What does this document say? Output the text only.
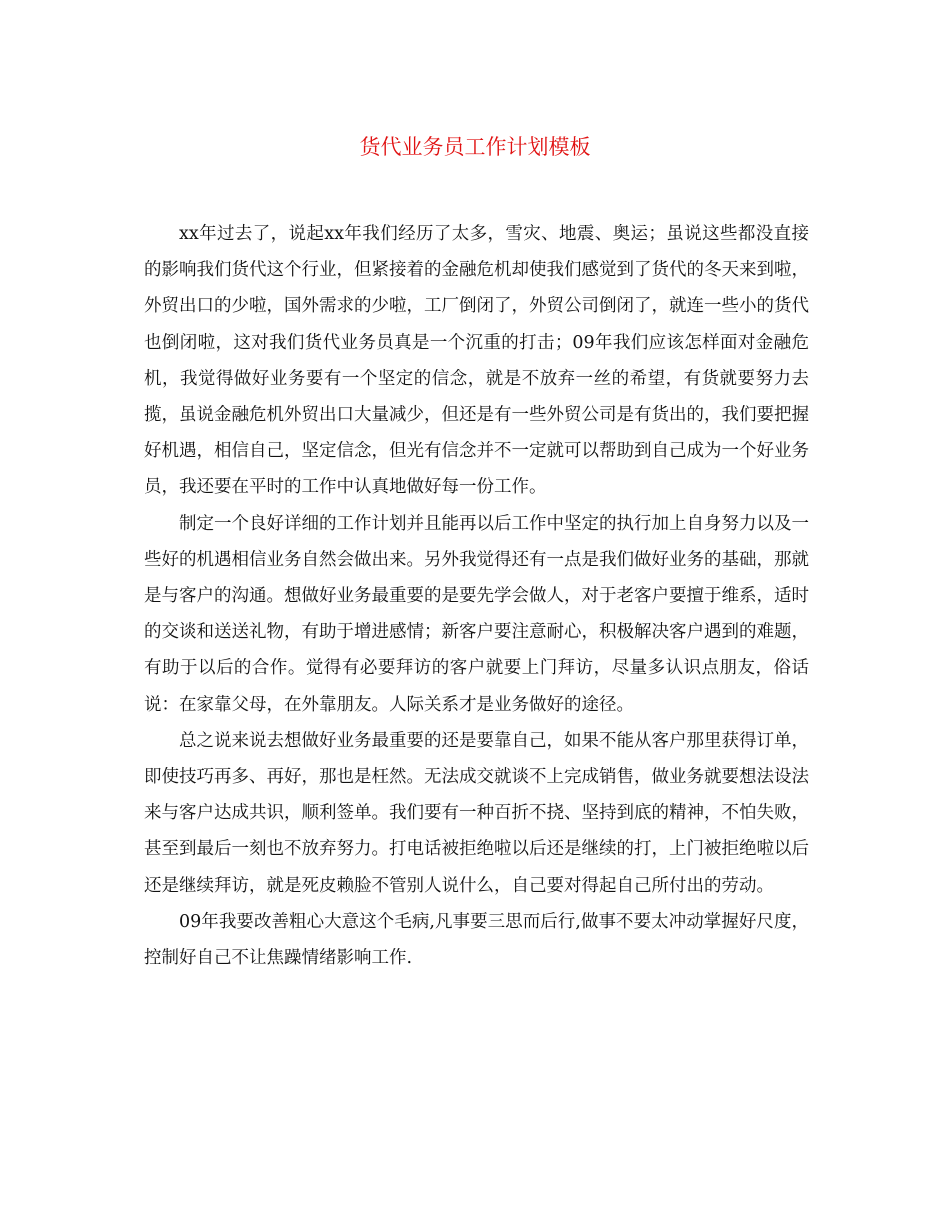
货代业务员工作计划模板

xx年过去了，说起xx年我们经历了太多，雪灾、地震、奥运；虽说这些都没直接的影响我们货代这个行业，但紧接着的金融危机却使我们感觉到了货代的冬天来到啦，外贸出口的少啦，国外需求的少啦，工厂倒闭了，外贸公司倒闭了，就连一些小的货代也倒闭啦，这对我们货代业务员真是一个沉重的打击；09年我们应该怎样面对金融危机，我觉得做好业务要有一个坚定的信念，就是不放弃一丝的希望，有货就要努力去揽，虽说金融危机外贸出口大量减少，但还是有一些外贸公司是有货出的，我们要把握好机遇，相信自己，坚定信念，但光有信念并不一定就可以帮助到自己成为一个好业务员，我还要在平时的工作中认真地做好每一份工作。

制定一个良好详细的工作计划并且能再以后工作中坚定的执行加上自身努力以及一些好的机遇相信业务自然会做出来。另外我觉得还有一点是我们做好业务的基础，那就是与客户的沟通。想做好业务最重要的是要先学会做人，对于老客户要擅于维系，适时的交谈和送送礼物，有助于增进感情；新客户要注意耐心，积极解决客户遇到的难题，有助于以后的合作。觉得有必要拜访的客户就要上门拜访，尽量多认识点朋友，俗话说：在家靠父母，在外靠朋友。人际关系才是业务做好的途径。

总之说来说去想做好业务最重要的还是要靠自己，如果不能从客户那里获得订单，即使技巧再多、再好，那也是枉然。无法成交就谈不上完成销售，做业务就要想法设法来与客户达成共识，顺利签单。我们要有一种百折不挠、坚持到底的精神，不怕失败，甚至到最后一刻也不放弃努力。打电话被拒绝啦以后还是继续的打，上门被拒绝啦以后还是继续拜访，就是死皮赖脸不管别人说什么，自己要对得起自己所付出的劳动。

09年我要改善粗心大意这个毛病,凡事要三思而后行,做事不要太冲动掌握好尺度，控制好自己不让焦躁情绪影响工作.
